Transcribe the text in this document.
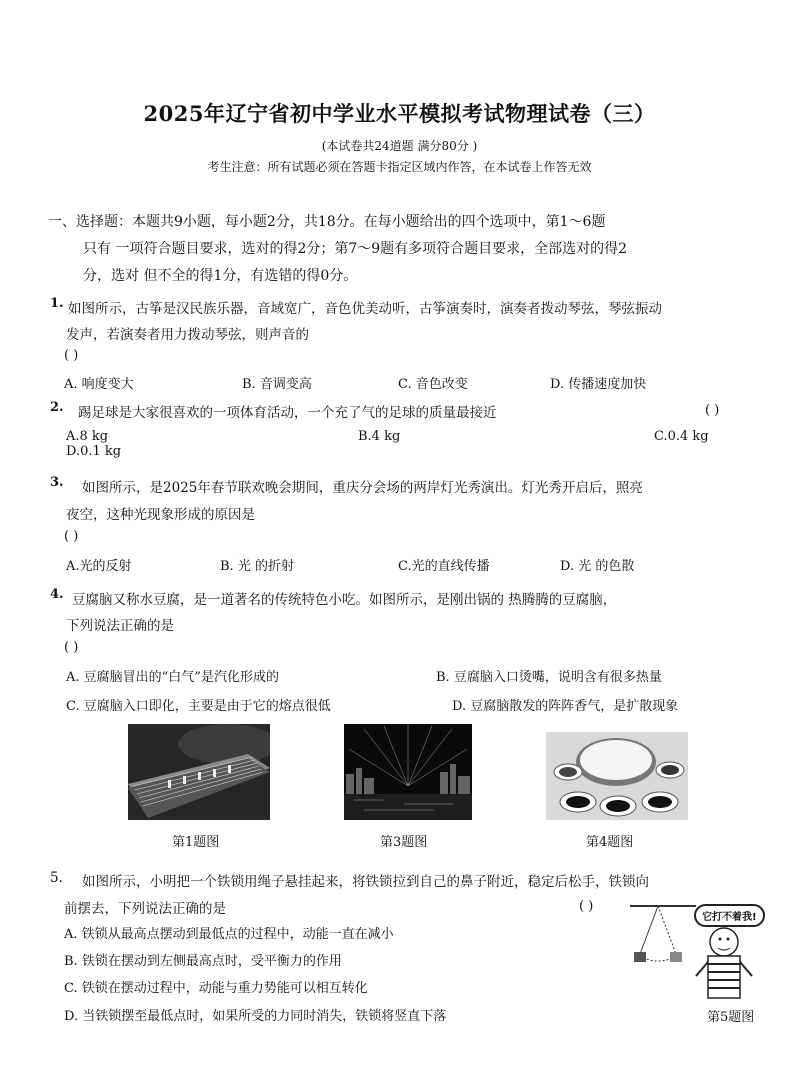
2025年辽宁省初中学业水平模拟考试物理试卷（三）
(本试卷共24道题 满分80分 )
考生注意：所有试题必须在答题卡指定区域内作答，在本试卷上作答无效
一、选择题：本题共9小题，每小题2分，共18分。在每小题给出的四个选项中，第1～6题
只有 一项符合题目要求，选对的得2分；第7～9题有多项符合题目要求，全部选对的得2
分，选对 但不全的得1分，有选错的得0分。
1. 如图所示，古筝是汉民族乐器，音域宽广，音色优美动听，古筝演奏时，演奏者拨动琴弦，琴弦振动
发声，若演奏者用力拨动琴弦，则声音的
( )
A. 响度变大	B. 音调变高	C. 音色改变	D. 传播速度加快
2. 踢足球是大家很喜欢的一项体育活动，一个充了气的足球的质量最接近	( )
A.8 kg	B.4 kg	C.0.4 kg
D.0.1 kg
3. 如图所示，是2025年春节联欢晚会期间，重庆分会场的两岸灯光秀演出。灯光秀开启后，照亮
夜空，这种光现象形成的原因是
( )
A.光的反射	B. 光 的折射	C.光的直线传播	D. 光 的色散
4. 豆腐脑又称水豆腐，是一道著名的传统特色小吃。如图所示，是刚出锅的 热腾腾的豆腐脑，
下列说法正确的是
( )
A. 豆腐脑冒出的“白气”是汽化形成的	B. 豆腐脑入口烫嘴，说明含有很多热量
C. 豆腐脑入口即化，主要是由于它的熔点很低	D. 豆腐脑散发的阵阵香气，是扩散现象
第1题图	第3题图	第4题图
5. 如图所示，小明把一个铁锁用绳子悬挂起来，将铁锁拉到自己的鼻子附近，稳定后松手，铁锁向
前摆去，下列说法正确的是	( )
A. 铁锁从最高点摆动到最低点的过程中，动能一直在减小
B. 铁锁在摆动到左侧最高点时，受平衡力的作用
C. 铁锁在摆动过程中，动能与重力势能可以相互转化
D. 当铁锁摆至最低点时，如果所受的力同时消失，铁锁将竖直下落
它打不着我!
第5题图
